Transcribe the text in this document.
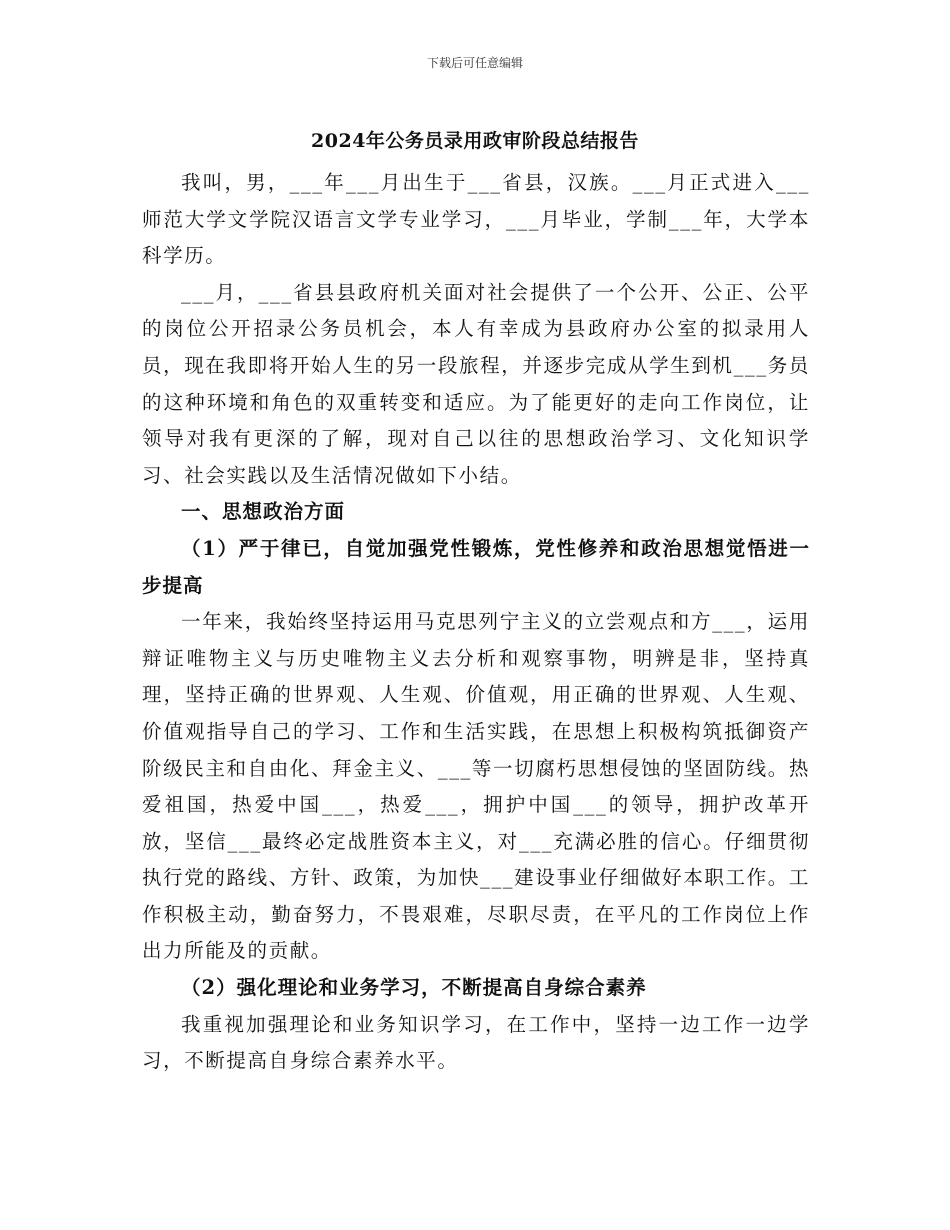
下载后可任意编辑
2024年公务员录用政审阶段总结报告

我叫，男，___年___月出生于___省县，汉族。___月正式进入___师范大学文学院汉语言文学专业学习，___月毕业，学制___年，大学本科学历。

___月，___省县县政府机关面对社会提供了一个公开、公正、公平的岗位公开招录公务员机会，本人有幸成为县政府办公室的拟录用人员，现在我即将开始人生的另一段旅程，并逐步完成从学生到机___务员的这种环境和角色的双重转变和适应。为了能更好的走向工作岗位，让领导对我有更深的了解，现对自己以往的思想政治学习、文化知识学习、社会实践以及生活情况做如下小结。

一、思想政治方面

（1）严于律已，自觉加强党性锻炼，党性修养和政治思想觉悟进一步提高

一年来，我始终坚持运用马克思列宁主义的立尝观点和方___，运用辩证唯物主义与历史唯物主义去分析和观察事物，明辨是非，坚持真理，坚持正确的世界观、人生观、价值观，用正确的世界观、人生观、价值观指导自己的学习、工作和生活实践，在思想上积极构筑抵御资产阶级民主和自由化、拜金主义、___等一切腐朽思想侵蚀的坚固防线。热爱祖国，热爱中国___，热爱___，拥护中国___的领导，拥护改革开放，坚信___最终必定战胜资本主义，对___充满必胜的信心。仔细贯彻执行党的路线、方针、政策，为加快___建设事业仔细做好本职工作。工作积极主动，勤奋努力，不畏艰难，尽职尽责，在平凡的工作岗位上作出力所能及的贡献。

（2）强化理论和业务学习，不断提高自身综合素养

我重视加强理论和业务知识学习，在工作中，坚持一边工作一边学习，不断提高自身综合素养水平。
